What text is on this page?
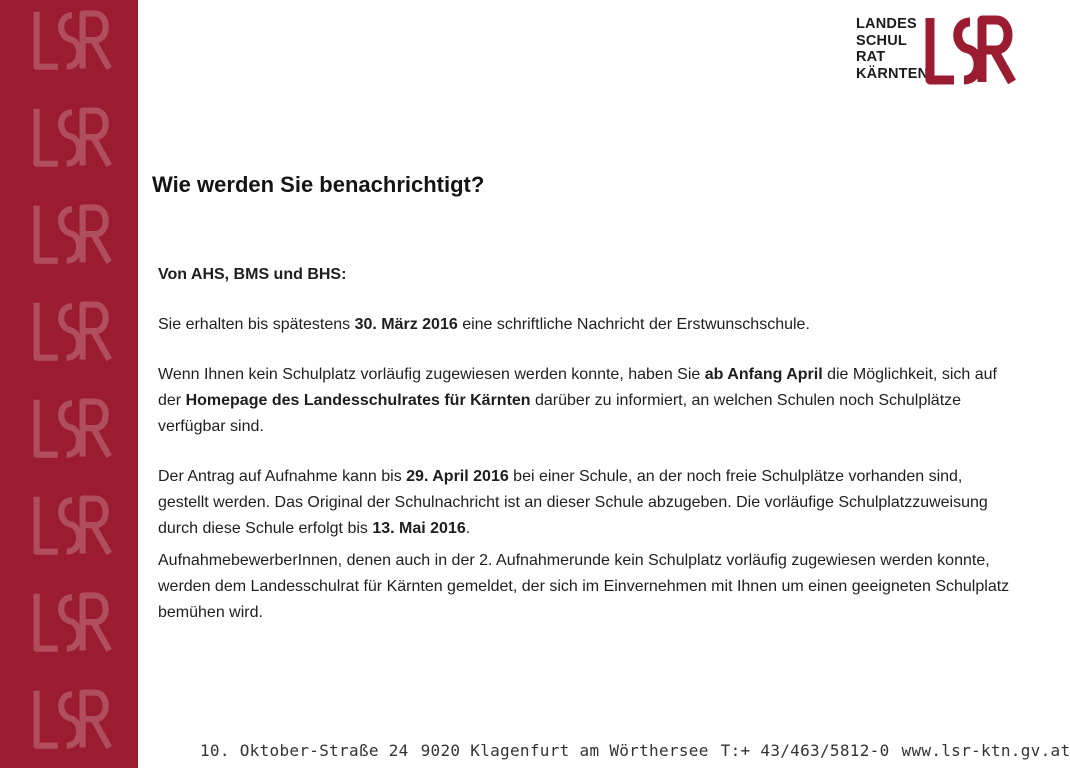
LANDES
SCHUL
RAT
KÄRNTEN
Wie werden Sie benachrichtigt?

Von AHS, BMS und BHS:

Sie erhalten bis spätestens 30. März 2016 eine schriftliche Nachricht der Erstwunschschule.

Wenn Ihnen kein Schulplatz vorläufig zugewiesen werden konnte, haben Sie ab Anfang April die Möglichkeit, sich auf der Homepage des Landesschulrates für Kärnten darüber zu informiert, an welchen Schulen noch Schulplätze verfügbar sind.

Der Antrag auf Aufnahme kann bis 29. April 2016 bei einer Schule, an der noch freie Schulplätze vorhanden sind, gestellt werden. Das Original der Schulnachricht ist an dieser Schule abzugeben. Die vorläufige Schulplatzzuweisung durch diese Schule erfolgt bis 13. Mai 2016.

AufnahmebewerberInnen, denen auch in der 2. Aufnahmerunde kein Schulplatz vorläufig zugewiesen werden konnte, werden dem Landesschulrat für Kärnten gemeldet, der sich im Einvernehmen mit Ihnen um einen geeigneten Schulplatz bemühen wird.

10. Oktober-Straße 24 9020 Klagenfurt am Wörthersee T:+ 43/463/5812-0 www.lsr-ktn.gv.at
